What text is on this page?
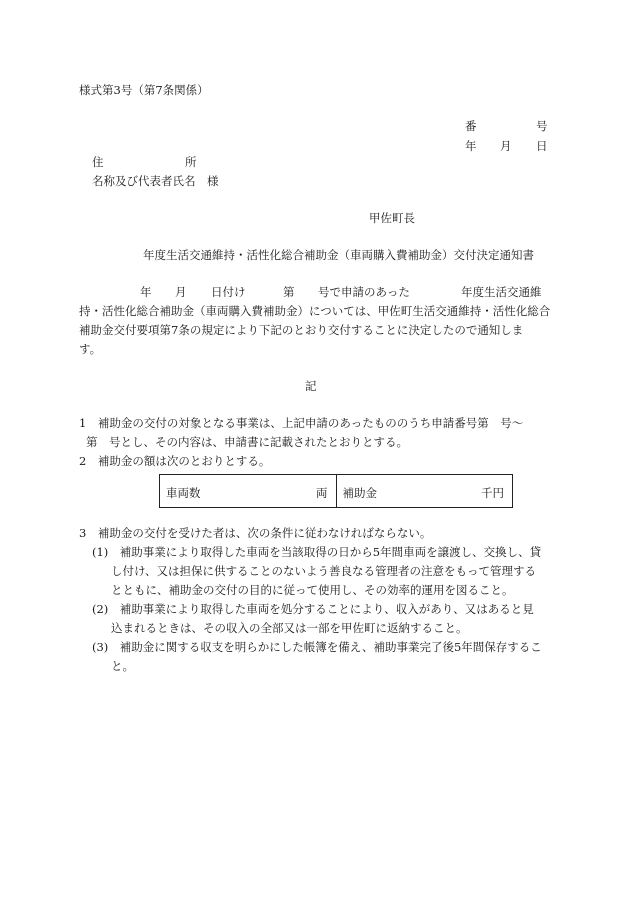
様式第3号（第7条関係）
番	号
年 月 日
住	所
名称及び代表者氏名 様
甲佐町長
年度生活交通維持・活性化総合補助金（車両購入費補助金）交付決定通知書
年 月 日付け	第 号で申請のあった	年度生活交通維
持・活性化総合補助金（車両購入費補助金）については、甲佐町生活交通維持・活性化総合
補助金交付要項第7条の規定により下記のとおり交付することに決定したので通知しま
す。
記
1　補助金の交付の対象となる事業は、上記申請のあったもののうち申請番号第　号～
第　号とし、その内容は、申請書に記載されたとおりとする。
2　補助金の額は次のとおりとする。
車両数	両	補助金	千円
3　補助金の交付を受けた者は、次の条件に従わなければならない。
(1)　補助事業により取得した車両を当該取得の日から5年間車両を譲渡し、交換し、貸
し付け、又は担保に供することのないよう善良なる管理者の注意をもって管理する
とともに、補助金の交付の目的に従って使用し、その効率的運用を図ること。
(2)　補助事業により取得した車両を処分することにより、収入があり、又はあると見
込まれるときは、その収入の全部又は一部を甲佐町に返納すること。
(3)　補助金に関する収支を明らかにした帳簿を備え、補助事業完了後5年間保存するこ
と。
